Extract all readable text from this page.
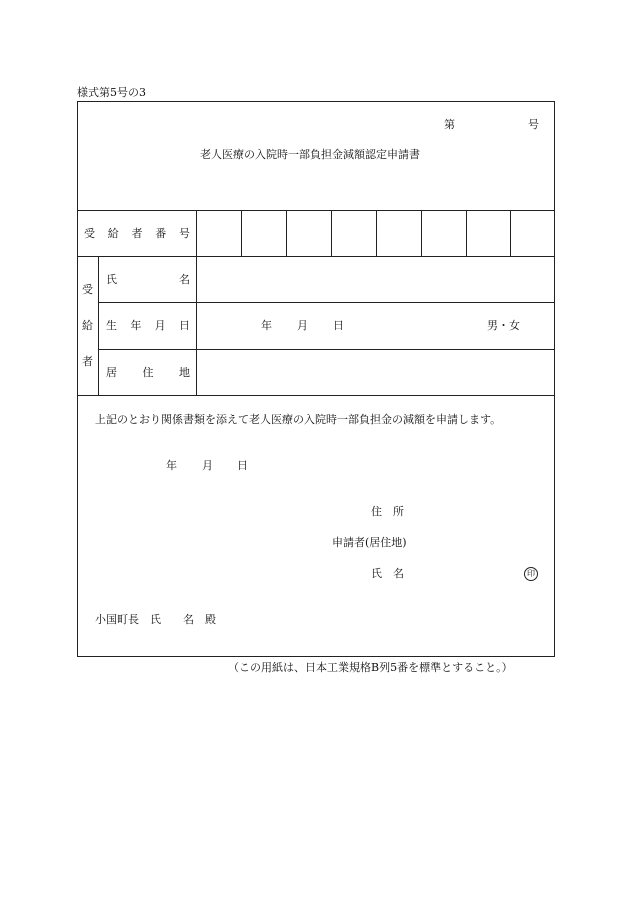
様式第5号の3
第	号
老人医療の入院時一部負担金減額認定申請書
受 給 者 番 号
受
給
者
氏	名
生 年 月 日	年 月 日	男・女
居 住 地
上記のとおり関係書類を添えて老人医療の入院時一部負担金の減額を申請します。
年 月 日
住　所
申請者(居住地)
氏　名	印
小国町長　氏　　名　殿
（この用紙は、日本工業規格B列5番を標準とすること。）
